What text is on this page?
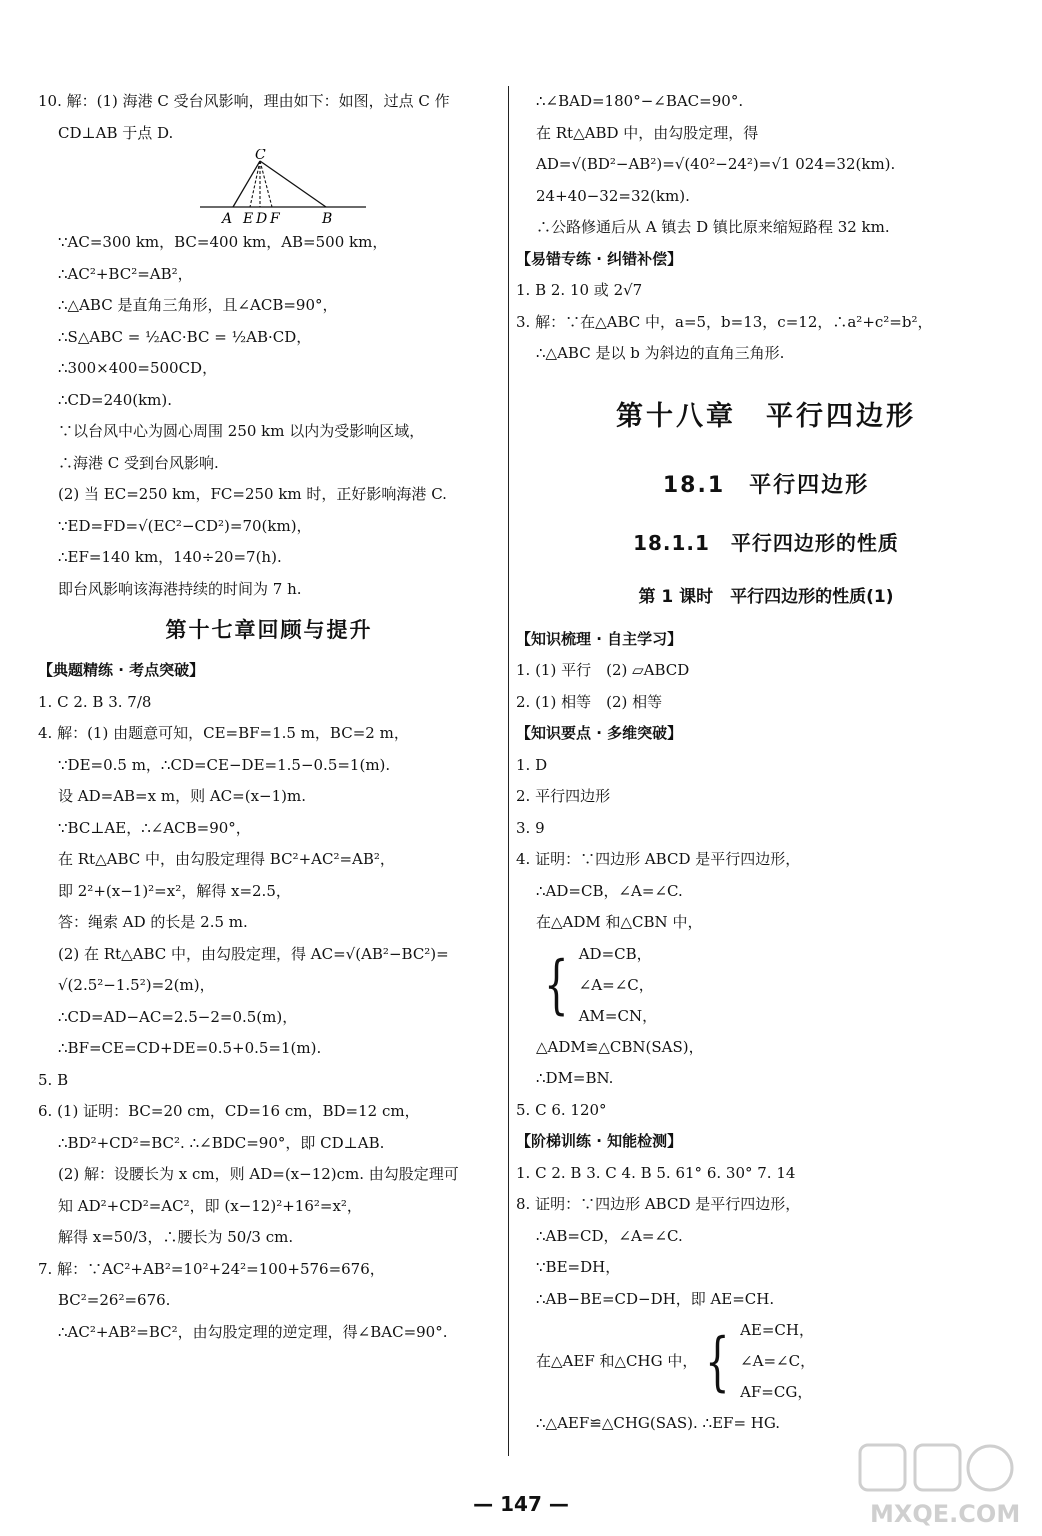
10. 解：(1) 海港 C 受台风影响，理由如下：如图，过点 C 作
CD⊥AB 于点 D.
C
A E D F	B
∵AC=300 km，BC=400 km，AB=500 km，
∴AC²+BC²=AB²，
∴△ABC 是直角三角形，且∠ACB=90°，
∴S△ABC = ½AC·BC = ½AB·CD，
∴300×400=500CD，
∴CD=240(km).
∵以台风中心为圆心周围 250 km 以内为受影响区域，
∴海港 C 受到台风影响.
(2) 当 EC=250 km，FC=250 km 时，正好影响海港 C.
∵ED=FD=√(EC²−CD²)=70(km)，
∴EF=140 km，140÷20=7(h).
即台风影响该海港持续的时间为 7 h.
第十七章回顾与提升
【典题精练 · 考点突破】
1. C 2. B 3. 7/8
4. 解：(1) 由题意可知，CE=BF=1.5 m，BC=2 m，
∵DE=0.5 m，∴CD=CE−DE=1.5−0.5=1(m).
设 AD=AB=x m，则 AC=(x−1)m.
∵BC⊥AE，∴∠ACB=90°，
在 Rt△ABC 中，由勾股定理得 BC²+AC²=AB²，
即 2²+(x−1)²=x²，解得 x=2.5，
答：绳索 AD 的长是 2.5 m.
(2) 在 Rt△ABC 中，由勾股定理，得 AC=√(AB²−BC²)=
√(2.5²−1.5²)=2(m)，
∴CD=AD−AC=2.5−2=0.5(m)，
∴BF=CE=CD+DE=0.5+0.5=1(m).
5. B
6. (1) 证明：BC=20 cm，CD=16 cm，BD=12 cm，
∴BD²+CD²=BC². ∴∠BDC=90°，即 CD⊥AB.
(2) 解：设腰长为 x cm，则 AD=(x−12)cm. 由勾股定理可
知 AD²+CD²=AC²，即 (x−12)²+16²=x²，
解得 x=50/3，∴腰长为 50/3 cm.
7. 解：∵AC²+AB²=10²+24²=100+576=676，
BC²=26²=676.
∴AC²+AB²=BC²，由勾股定理的逆定理，得∠BAC=90°.
∴∠BAD=180°−∠BAC=90°.
在 Rt△ABD 中，由勾股定理，得
AD=√(BD²−AB²)=√(40²−24²)=√1 024=32(km).
24+40−32=32(km).
∴公路修通后从 A 镇去 D 镇比原来缩短路程 32 km.
【易错专练 · 纠错补偿】
1. B 2. 10 或 2√7
3. 解：∵在△ABC 中，a=5，b=13，c=12，∴a²+c²=b²，
∴△ABC 是以 b 为斜边的直角三角形.
第十八章　平行四边形
18.1　平行四边形
18.1.1　平行四边形的性质
第 1 课时　平行四边形的性质(1)
【知识梳理 · 自主学习】
1. (1) 平行　(2) ▱ABCD
2. (1) 相等　(2) 相等
【知识要点 · 多维突破】
1. D
2. 平行四边形
3. 9
4. 证明：∵四边形 ABCD 是平行四边形，
∴AD=CB，∠A=∠C.
在△ADM 和△CBN 中，
{ AD=CB，
∠A=∠C，
AM=CN，
△ADM≌△CBN(SAS)，
∴DM=BN.
5. C 6. 120°
【阶梯训练 · 知能检测】
1. C 2. B 3. C 4. B 5. 61° 6. 30° 7. 14
8. 证明：∵四边形 ABCD 是平行四边形，
∴AB=CD，∠A=∠C.
∵BE=DH，
∴AB−BE=CD−DH，即 AE=CH.
在△AEF 和△CHG 中， { AE=CH，
∠A=∠C，
AF=CG，
∴△AEF≌△CHG(SAS). ∴EF= HG.
— 147 —	MXQE.COM
